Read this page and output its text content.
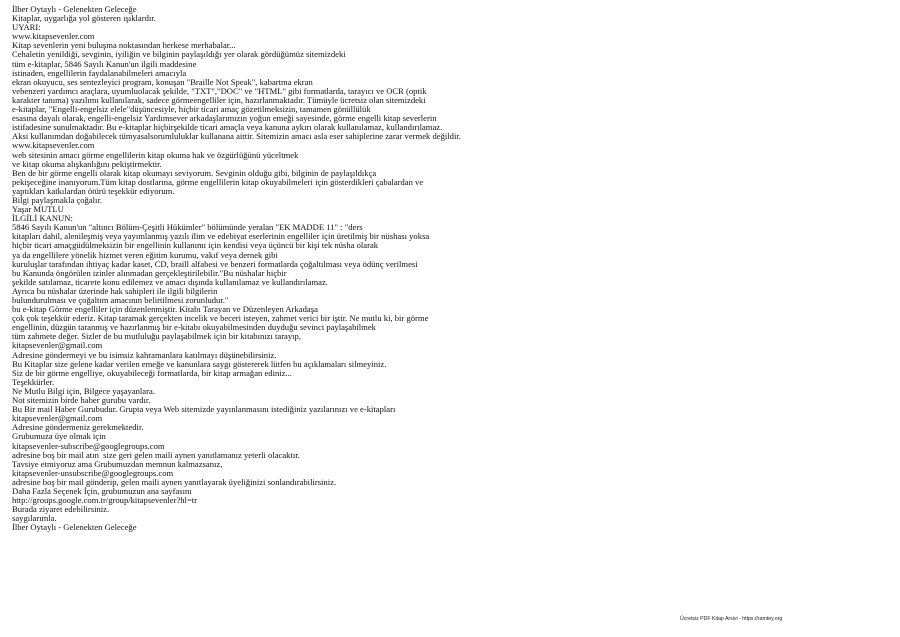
İlber Oytaylı - Gelenekten Geleceğe
Kitaplar, uygarlığa yol gösteren ışıklardır.
UYARI:
www.kitapsevenler.com
Kitap sevenlerin yeni buluşma noktasından herkese merhabalar...
Cehaletin yenildiği, sevginin, iyiliğin ve bilginin paylaşıldığı yer olarak gördüğümüz sitemizdeki
tüm e-kitaplar, 5846 Sayılı Kanun'un ilgili maddesine
istinaden, engellilerin faydalanabilmeleri amacıyla
ekran okuyucu, ses sentezleyici program, konuşan "Braille Not Speak", kabartma ekran
vebenzeri yardımcı araçlara, uyumluolacak şekilde, "TXT","DOC" ve "HTML" gibi formatlarda, tarayıcı ve OCR (optik
karakter tanıma) yazılımı kullanılarak, sadece görmeengelliler için, hazırlanmaktadır. Tümüyle ücretsiz olan sitemizdeki
e-kitaplar, "Engelli-engelsiz elele"düşüncesiyle, hiçbir ticari amaç gözetilmeksizin, tamamen gönüllülük
esasına dayalı olarak, engelli-engelsiz Yardımsever arkadaşlarımızın yoğun emeği sayesinde, görme engelli kitap severlerin
istifadesine sunulmaktadır. Bu e-kitaplar hiçbirşekilde ticari amaçla veya kanuna aykırı olarak kullanılamaz, kullandırılamaz.
Aksi kullanımdan doğabilecek tümyasalsorumluluklar kullanana aittir. Sitemizin amacı asla eser sahiplerine zarar vermek değildir.
www.kitapsevenler.com
web sitesinin amacı görme engellilerin kitap okuma hak ve özgürlüğünü yüceltmek
ve kitap okuma alışkanlığını pekiştirmektir.
Ben de bir görme engelli olarak kitap okumayı seviyorum. Sevginin olduğu gibi, bilginin de paylaşıldıkça
pekişeceğine inanıyorum.Tüm kitap dostlarına, görme engellilerin kitap okuyabilmeleri için gösterdikleri çabalardan ve
yaptıkları katkılardan ötürü teşekkür ediyorum.
Bilgi paylaşmakla çoğalır.
Yaşar MUTLU
İLGİLİ KANUN:
5846 Sayılı Kanun'un "altıncı Bölüm-Çeşitli Hükümler" bölümünde yeralan "EK MADDE 11" : "ders
kitapları dahil, alenileşmiş veya yayımlanmış yazılı ilim ve edebiyat eserlerinin engelliler için üretilmiş bir nüshası yoksa
hiçbir ticari amaçgüdülmeksizin bir engellinin kullanımı için kendisi veya üçüncü bir kişi tek nüsha olarak
ya da engellilere yönelik hizmet veren eğitim kurumu, vakıf veya dernek gibi
kuruluşlar tarafından ihtiyaç kadar kaset, CD, braill alfabesi ve benzeri formatlarda çoğaltılması veya ödünç verilmesi
bu Kanunda öngörülen izinler alınmadan gerçekleştirilebilir."Bu nüshalar hiçbir
şekilde satılamaz, ticarete konu edilemez ve amacı dışında kullanılamaz ve kullandırılamaz.
Ayrıca bu nüshalar üzerinde hak sahipleri ile ilgili bilgilerin
bulundurulması ve çoğaltım amacının belirtilmesi zorunludur."
bu e-kitap Görme engelliler için düzenlenmiştir. Kitabı Tarayan ve Düzenleyen Arkadaşa
çok çok teşekkür ederiz. Kitap taramak gerçekten incelik ve beceri isteyen, zahmet verici bir iştir. Ne mutlu ki, bir görme
engellinin, düzgün taranmış ve hazırlanmış bir e-kitabı okuyabilmesinden duyduğu sevinci paylaşabilmek
tüm zahmete değer. Sizler de bu mutluluğu paylaşabilmek için bir kitabınızı tarayıp,
kitapsevenler@gmail.com
Adresine göndermeyi ve bu isimsiz kahramanlara katılmayı düşünebilirsiniz.
Bu Kitaplar size gelene kadar verilen emeğe ve kanunlara saygı göstererek lütfen bu açıklamaları silmeyiniz.
Siz de bir görme engelliye, okuyabileceği formatlarda, bir kitap armağan ediniz...
Teşekkürler.
Ne Mutlu Bilgi için, Bilgece yaşayanlara.
Not sitemizin birde haber gurubu vardır.
Bu Bir mail Haber Gurubudur. Grupta veya Web sitemizde yayınlanmasını istediğiniz yazılarınızı ve e-kitapları
kitapsevenler@gmail.com
Adresine göndermeniz gerekmektedir.
Grubumuza üye olmak için
kitapsevenler-subscribe@googlegroups.com
adresine boş bir mail atın  size geri gelen maili aynen yanıtlamanız yeterli olacaktır.
Tavsiye etmiyoruz ama Grubumuzdan memnun kalmazsanız,
kitapsevenler-unsubscribe@googlegroups.com
adresine boş bir mail gönderip, gelen maili aynen yanıtlayarak üyeliğinizi sonlandırabilirsiniz.
Daha Fazla Seçenek İçin, grubumuzun ana sayfasını
http://groups.google.com.tr/group/kitapsevenler?hl=tr
Burada ziyaret edebilirsiniz.
saygılarımla.
İlber Oytaylı - Gelenekten Geleceğe
Ücretsiz PDF Kitap Arsivi - https://ramtey.org
